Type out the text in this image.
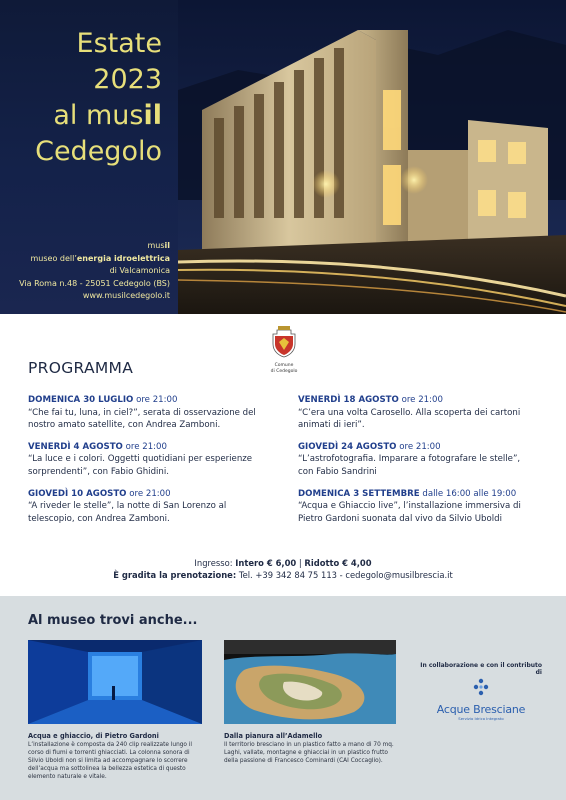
Estate
2023
al musil
Cedegolo
musil
museo dell’energia idroelettrica
di Valcamonica
Via Roma n.48 - 25051 Cedegolo (BS)
www.musilcedegolo.it
Comune
di Cedegolo
PROGRAMMA
DOMENICA 30 LUGLIO ore 21:00
“Che fai tu, luna, in ciel?”, serata di osservazione del nostro amato satellite, con Andrea Zamboni.
VENERDÌ 4 AGOSTO ore 21:00
“La luce e i colori. Oggetti quotidiani per esperienze sorprendenti”, con Fabio Ghidini.
GIOVEDÌ 10 AGOSTO ore 21:00
“A riveder le stelle”, la notte di San Lorenzo al telescopio, con Andrea Zamboni.
VENERDÌ 18 AGOSTO ore 21:00
“C’era una volta Carosello. Alla scoperta dei cartoni animati di ieri”.
GIOVEDÌ 24 AGOSTO ore 21:00
“L’astrofotografia. Imparare a fotografare le stelle”, con Fabio Sandrini
DOMENICA 3 SETTEMBRE dalle 16:00 alle 19:00
“Acqua e Ghiaccio live”, l’installazione immersiva di Pietro Gardoni suonata dal vivo da Silvio Uboldi
Ingresso: Intero € 6,00 | Ridotto € 4,00
È gradita la prenotazione: Tel. +39 342 84 75 113 - cedegolo@musilbrescia.it
Al museo trovi anche...
Acqua e ghiaccio, di Pietro Gardoni
L’installazione è composta da 240 clip realizzate lungo il corso di fiumi e torrenti ghiacciati. La colonna sonora di Silvio Uboldi non si limita ad accompagnare lo scorrere dell’acqua ma sottolinea la bellezza estetica di questo elemento naturale e vitale.
Dalla pianura all’Adamello
Il territorio bresciano in un plastico fatto a mano di 70 mq. Laghi, vallate, montagne e ghiacciai in un plastico frutto della passione di Francesco Cominardi (CAI Coccaglio).
In collaborazione e con il contributo di
Acque Bresciane
Servizio Idrico Integrato
